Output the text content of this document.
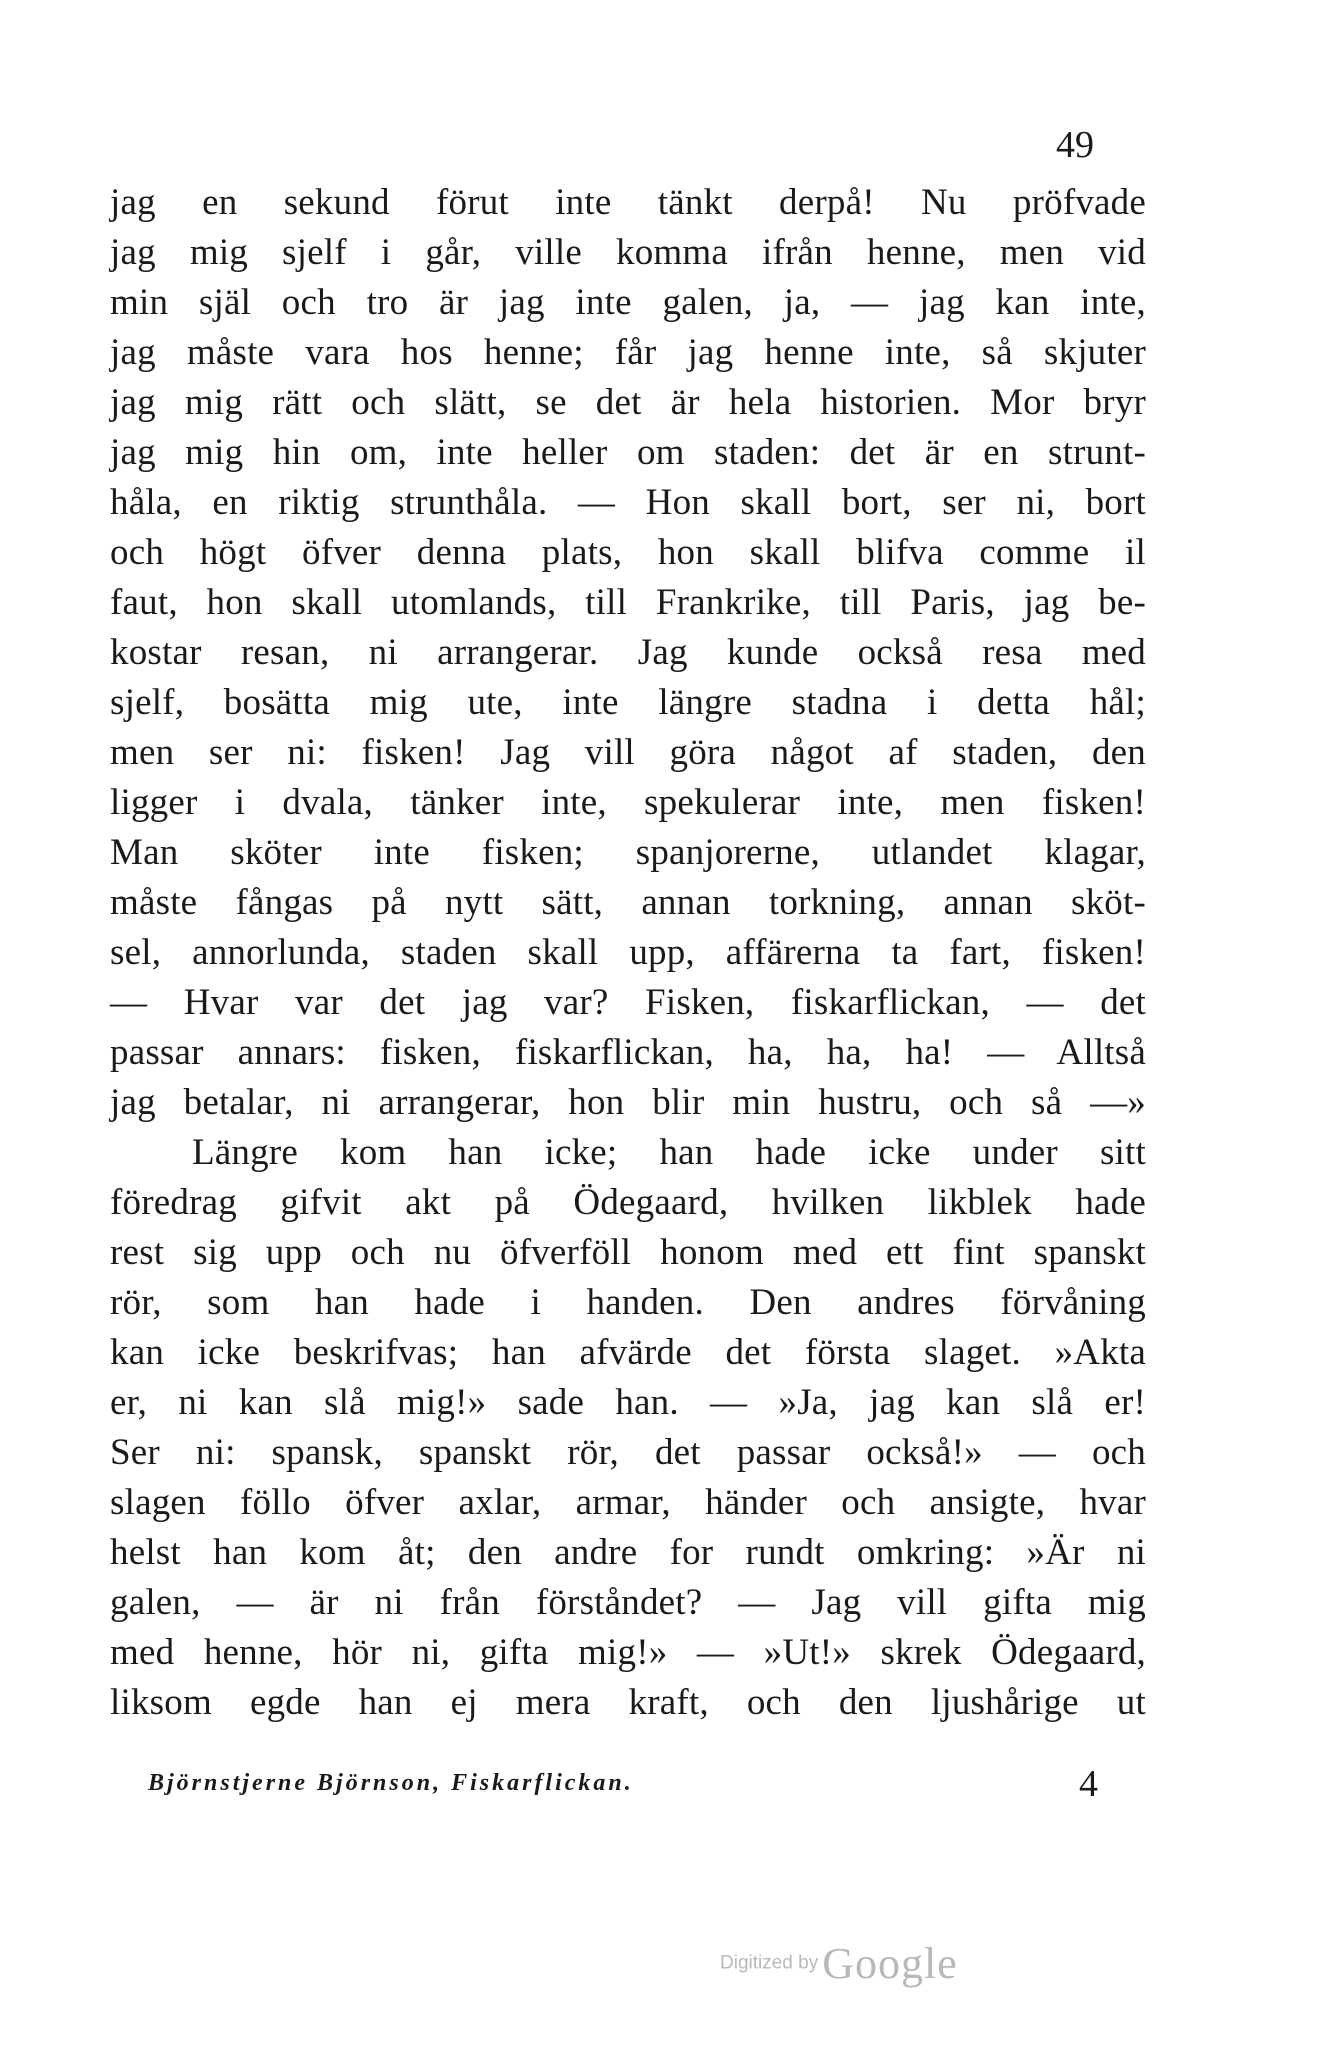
49
jag en sekund förut inte tänkt derpå! Nu pröfvade
jag mig sjelf i går, ville komma ifrån henne, men vid
min själ och tro är jag inte galen, ja, — jag kan inte,
jag måste vara hos henne; får jag henne inte, så skjuter
jag mig rätt och slätt, se det är hela historien. Mor bryr
jag mig hin om, inte heller om staden: det är en strunt-
håla, en riktig strunthåla. — Hon skall bort, ser ni, bort
och högt öfver denna plats, hon skall blifva comme il
faut, hon skall utomlands, till Frankrike, till Paris, jag be-
kostar resan, ni arrangerar. Jag kunde också resa med
sjelf, bosätta mig ute, inte längre stadna i detta hål;
men ser ni: fisken! Jag vill göra något af staden, den
ligger i dvala, tänker inte, spekulerar inte, men fisken!
Man sköter inte fisken; spanjorerne, utlandet klagar,
måste fångas på nytt sätt, annan torkning, annan sköt-
sel, annorlunda, staden skall upp, affärerna ta fart, fisken!
— Hvar var det jag var? Fisken, fiskarflickan, — det
passar annars: fisken, fiskarflickan, ha, ha, ha! — Alltså
jag betalar, ni arrangerar, hon blir min hustru, och så —»
Längre kom han icke; han hade icke under sitt
föredrag gifvit akt på Ödegaard, hvilken likblek hade
rest sig upp och nu öfverföll honom med ett fint spanskt
rör, som han hade i handen. Den andres förvåning
kan icke beskrifvas; han afvärde det första slaget. »Akta
er, ni kan slå mig!» sade han. — »Ja, jag kan slå er!
Ser ni: spansk, spanskt rör, det passar också!» — och
slagen föllo öfver axlar, armar, händer och ansigte, hvar
helst han kom åt; den andre for rundt omkring: »Är ni
galen, — är ni från förståndet? — Jag vill gifta mig
med henne, hör ni, gifta mig!» — »Ut!» skrek Ödegaard,
liksom egde han ej mera kraft, och den ljushårige ut
Björnstjerne Björnson, Fiskarflickan.	4
Digitized by Google
